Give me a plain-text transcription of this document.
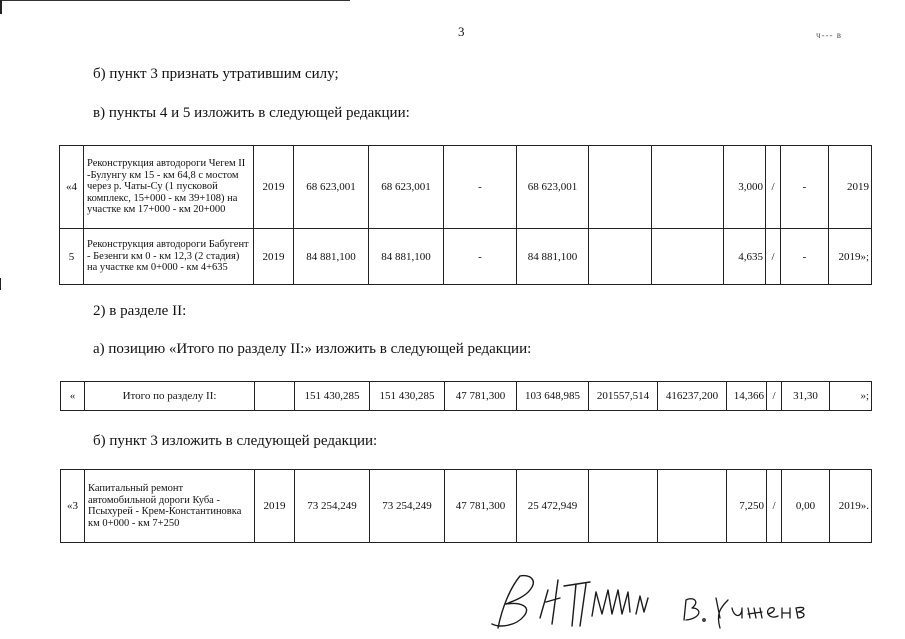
3	ч--- в
б) пункт 3 признать утратившим силу;
в) пункты 4 и 5 изложить в следующей редакции:
«4	Реконструкция автодороги Чегем II -Булунгу км 15 - км 64,8 с мостом через р. Чаты-Су (1 пусковой комплекс, 15+000 - км 39+108) на участке км 17+000 - км 20+000	2019	68 623,001	68 623,001	-	68 623,001			3,000	/	-	2019
5	Реконструкция автодороги Бабугент - Безенги км 0 - км 12,3 (2 стадия) на участке км 0+000 - км 4+635	2019	84 881,100	84 881,100	-	84 881,100			4,635	/	-	2019»;
2) в разделе II:
а) позицию «Итого по разделу II:» изложить в следующей редакции:
«	Итого по разделу II:		151 430,285	151 430,285	47 781,300	103 648,985	201557,514	416237,200	14,366	/	31,30	»;
б) пункт 3 изложить в следующей редакции:
«3	Капитальный ремонт автомобильной дороги Куба - Псыхурей - Крем-Константиновка км 0+000 - км 7+250	2019	73 254,249	73 254,249	47 781,300	25 472,949			7,250	/	0,00	2019».
